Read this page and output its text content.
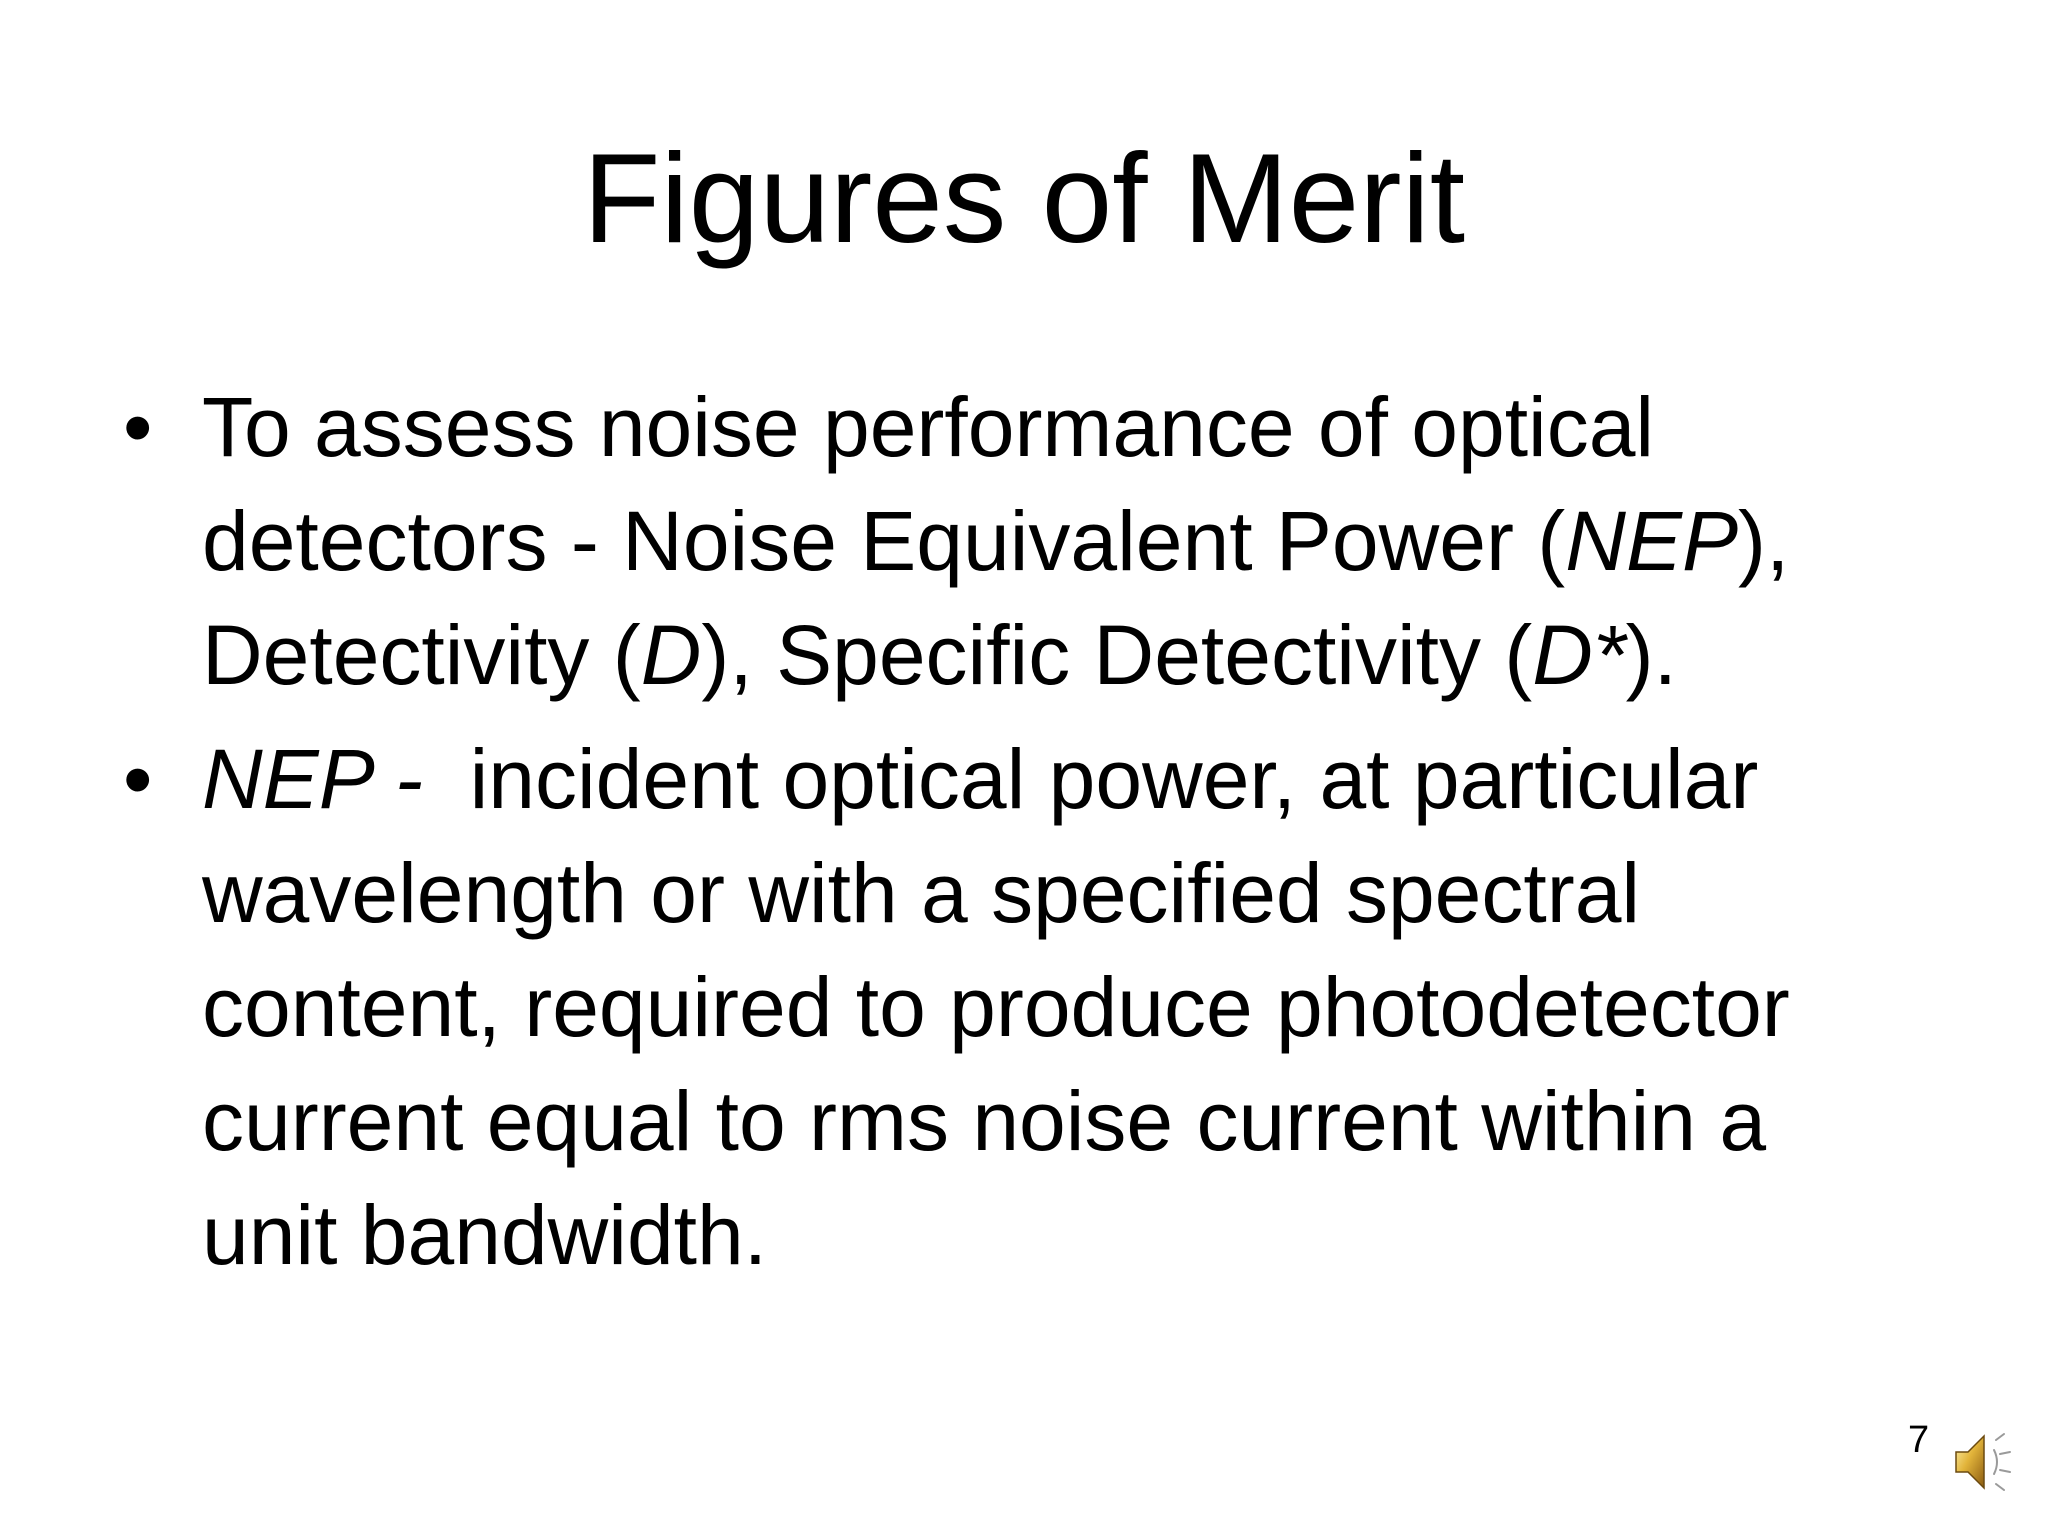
Figures of Merit
• To assess noise performance of optical
detectors - Noise Equivalent Power (NEP),
Detectivity (D), Specific Detectivity (D*).
• NEP -  incident optical power, at particular
wavelength or with a specified spectral
content, required to produce photodetector
current equal to rms noise current within a
unit bandwidth.
7
